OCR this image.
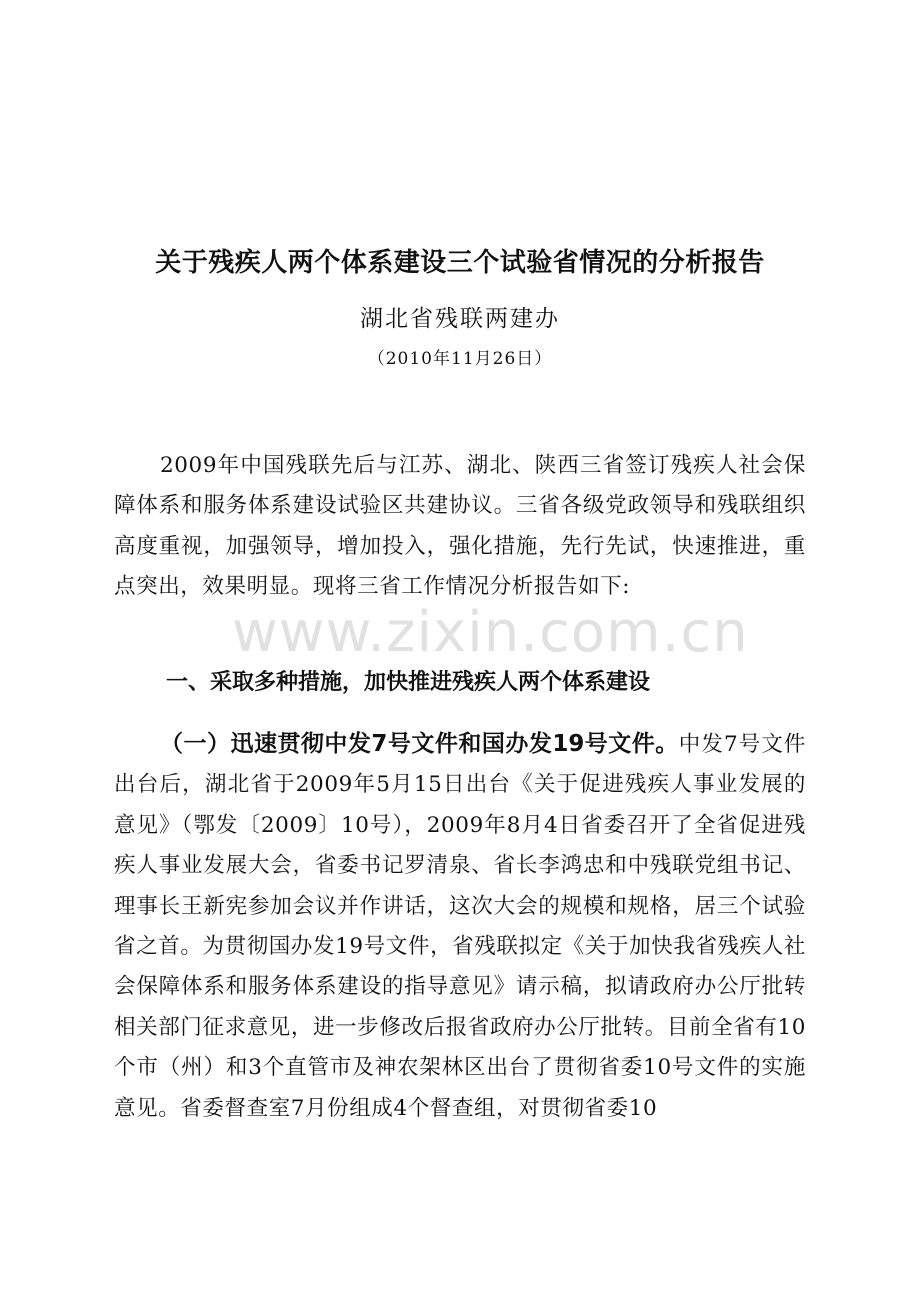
关于残疾人两个体系建设三个试验省情况的分析报告
湖北省残联两建办
（2010年11月26日）

2009年中国残联先后与江苏、湖北、陕西三省签订残疾人社会保障体系和服务体系建设试验区共建协议。三省各级党政领导和残联组织高度重视，加强领导，增加投入，强化措施，先行先试，快速推进，重点突出，效果明显。现将三省工作情况分析报告如下:

www.zixin.com.cn
一、采取多种措施，加快推进残疾人两个体系建设

（一）迅速贯彻中发7号文件和国办发19号文件。中发7号文件出台后，湖北省于2009年5月15日出台《关于促进残疾人事业发展的意见》（鄂发〔2009〕10号），2009年8月4日省委召开了全省促进残疾人事业发展大会，省委书记罗清泉、省长李鸿忠和中残联党组书记、理事长王新宪参加会议并作讲话，这次大会的规模和规格，居三个试验省之首。为贯彻国办发19号文件，省残联拟定《关于加快我省残疾人社会保障体系和服务体系建设的指导意见》请示稿，拟请政府办公厅批转相关部门征求意见，进一步修改后报省政府办公厅批转。目前全省有10个市（州）和3个直管市及神农架林区出台了贯彻省委10号文件的实施意见。省委督查室7月份组成4个督查组，对贯彻省委10
